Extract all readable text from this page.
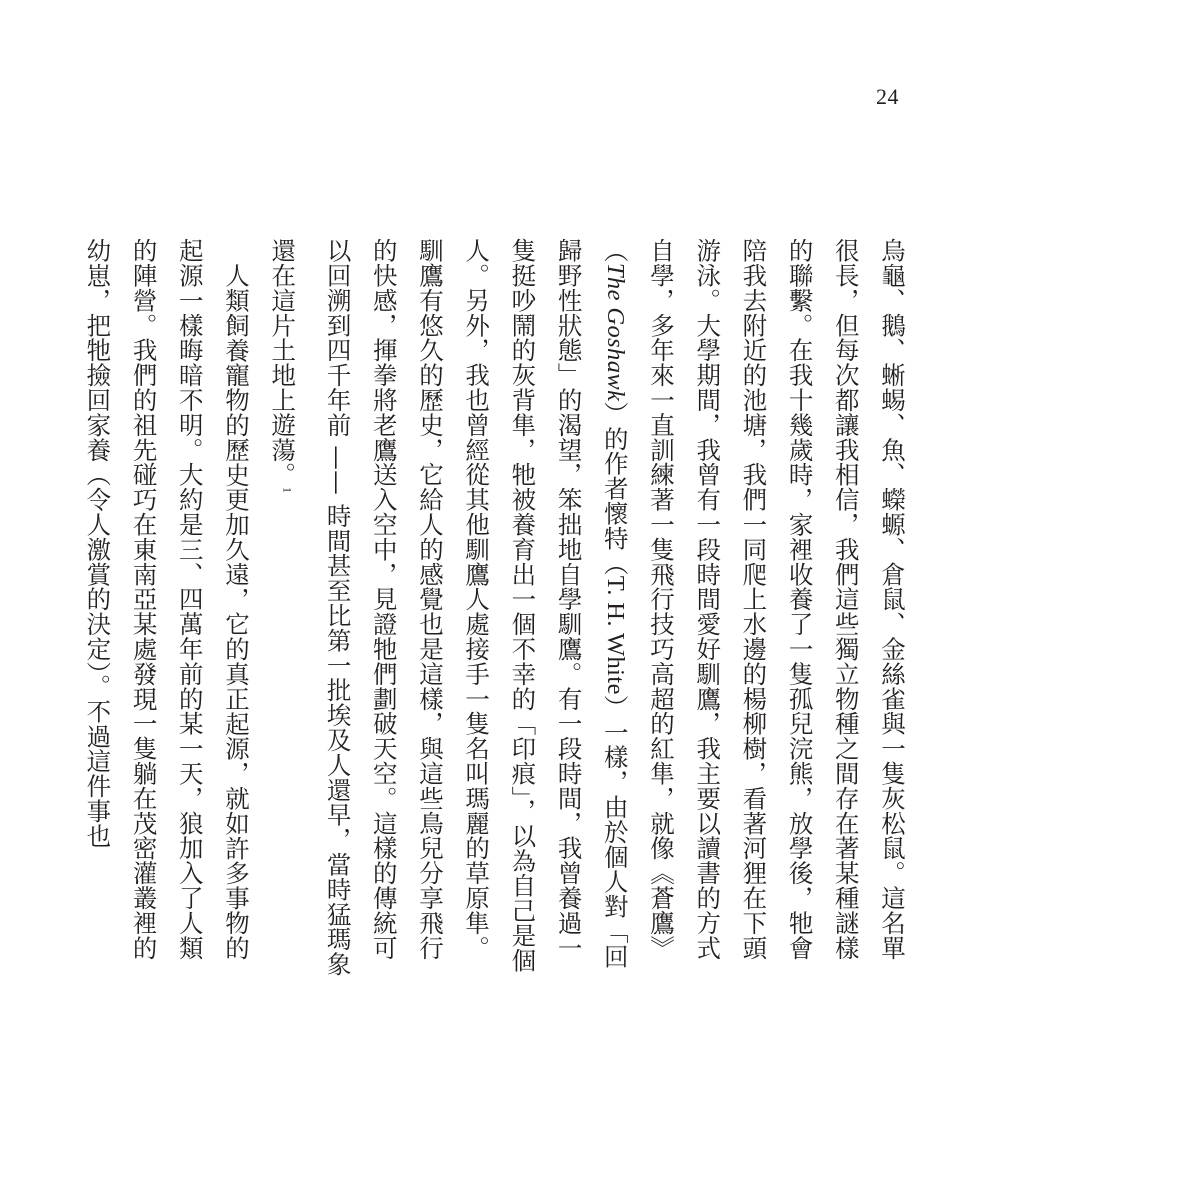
24

烏龜、鵝、蜥蜴、魚、蠑螈、倉鼠、金絲雀與一隻灰松鼠。這名單很長，但每次都讓我相信，我們這些獨立物種之間存在著某種謎樣的聯繫。在我十幾歲時，家裡收養了一隻孤兒浣熊，放學後，牠會陪我去附近的池塘，我們一同爬上水邊的楊柳樹，看著河狸在下頭游泳。大學期間，我曾有一段時間愛好馴鷹，我主要以讀書的方式自學，多年來一直訓練著一隻飛行技巧高超的紅隼，就像《蒼鷹》（The Goshawk）的作者懷特（T. H. White）一樣，由於個人對「回歸野性狀態」的渴望，笨拙地自學馴鷹。有一段時間，我曾養過一隻挺吵鬧的灰背隼，牠被養育出一個不幸的「印痕」，以為自己是個人。另外，我也曾經從其他馴鷹人處接手一隻名叫瑪麗的草原隼。馴鷹有悠久的歷史，它給人的感覺也是這樣，與這些鳥兒分享飛行的快感，揮拳將老鷹送入空中，見證牠們劃破天空。這樣的傳統可以回溯到四千年前 —— 時間甚至比第一批埃及人還早，當時猛瑪象還在這片土地上遊蕩。$^1$

人類飼養寵物的歷史更加久遠，它的真正起源，就如許多事物的起源一樣晦暗不明。大約是三、四萬年前的某一天，狼加入了人類的陣營。我們的祖先碰巧在東南亞某處發現一隻躺在茂密灌叢裡的幼崽，把牠撿回家養（令人激賞的決定）。不過這件事也
